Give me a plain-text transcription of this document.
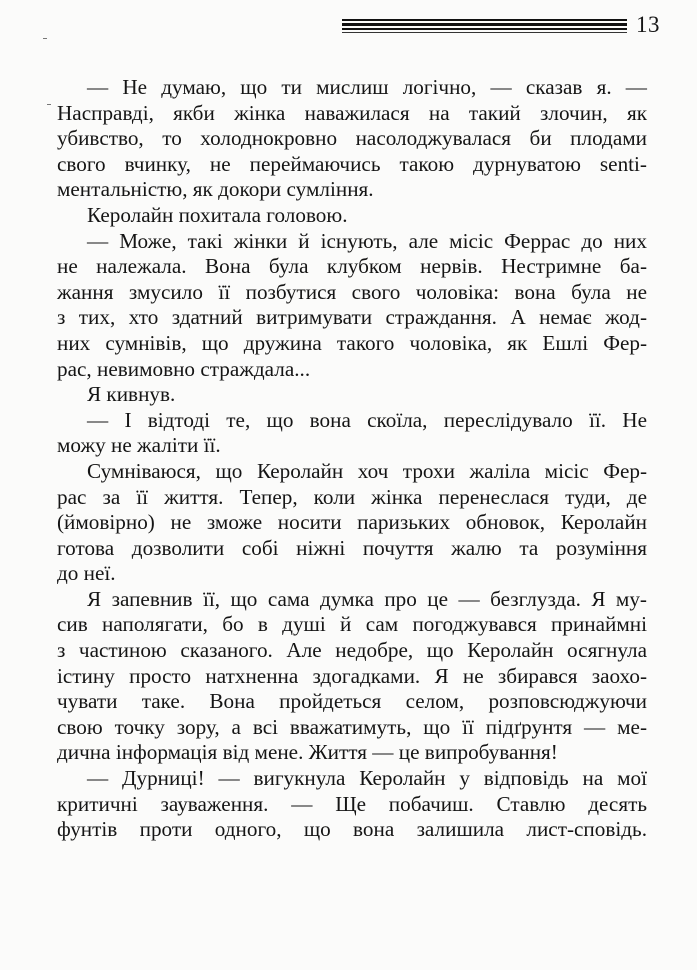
13
— Не думаю, що ти мислиш логічно, — сказав я. —
Насправді, якби жінка наважилася на такий злочин, як
убивство, то холоднокровно насолоджувалася би плодами
свого вчинку, не переймаючись такою дурнуватою senti-
ментальністю, як докори сумління.
Керолайн похитала головою.
— Може, такі жінки й існують, але місіс Феррас до них
не належала. Вона була клубком нервів. Нестримне ба-
жання змусило її позбутися свого чоловіка: вона була не
з тих, хто здатний витримувати страждання. А немає жод-
них сумнівів, що дружина такого чоловіка, як Ешлі Фер-
рас, невимовно страждала...
Я кивнув.
— І відтоді те, що вона скоїла, переслідувало її. Не
можу не жаліти її.
Сумніваюся, що Керолайн хоч трохи жаліла місіс Фер-
рас за її життя. Тепер, коли жінка перенеслася туди, де
(ймовірно) не зможе носити паризьких обновок, Керолайн
готова дозволити собі ніжні почуття жалю та розуміння
до неї.
Я запевнив її, що сама думка про це — безглузда. Я му-
сив наполягати, бо в душі й сам погоджувався принаймні
з частиною сказаного. Але недобре, що Керолайн осягнула
істину просто натхненна здогадками. Я не збирався заохо-
чувати таке. Вона пройдеться селом, розповсюджуючи
свою точку зору, а всі вважатимуть, що її підґрунтя — ме-
дична інформація від мене. Життя — це випробування!
— Дурниці! — вигукнула Керолайн у відповідь на мої
критичні зауваження. — Ще побачиш. Ставлю десять
фунтів проти одного, що вона залишила лист-сповідь.
